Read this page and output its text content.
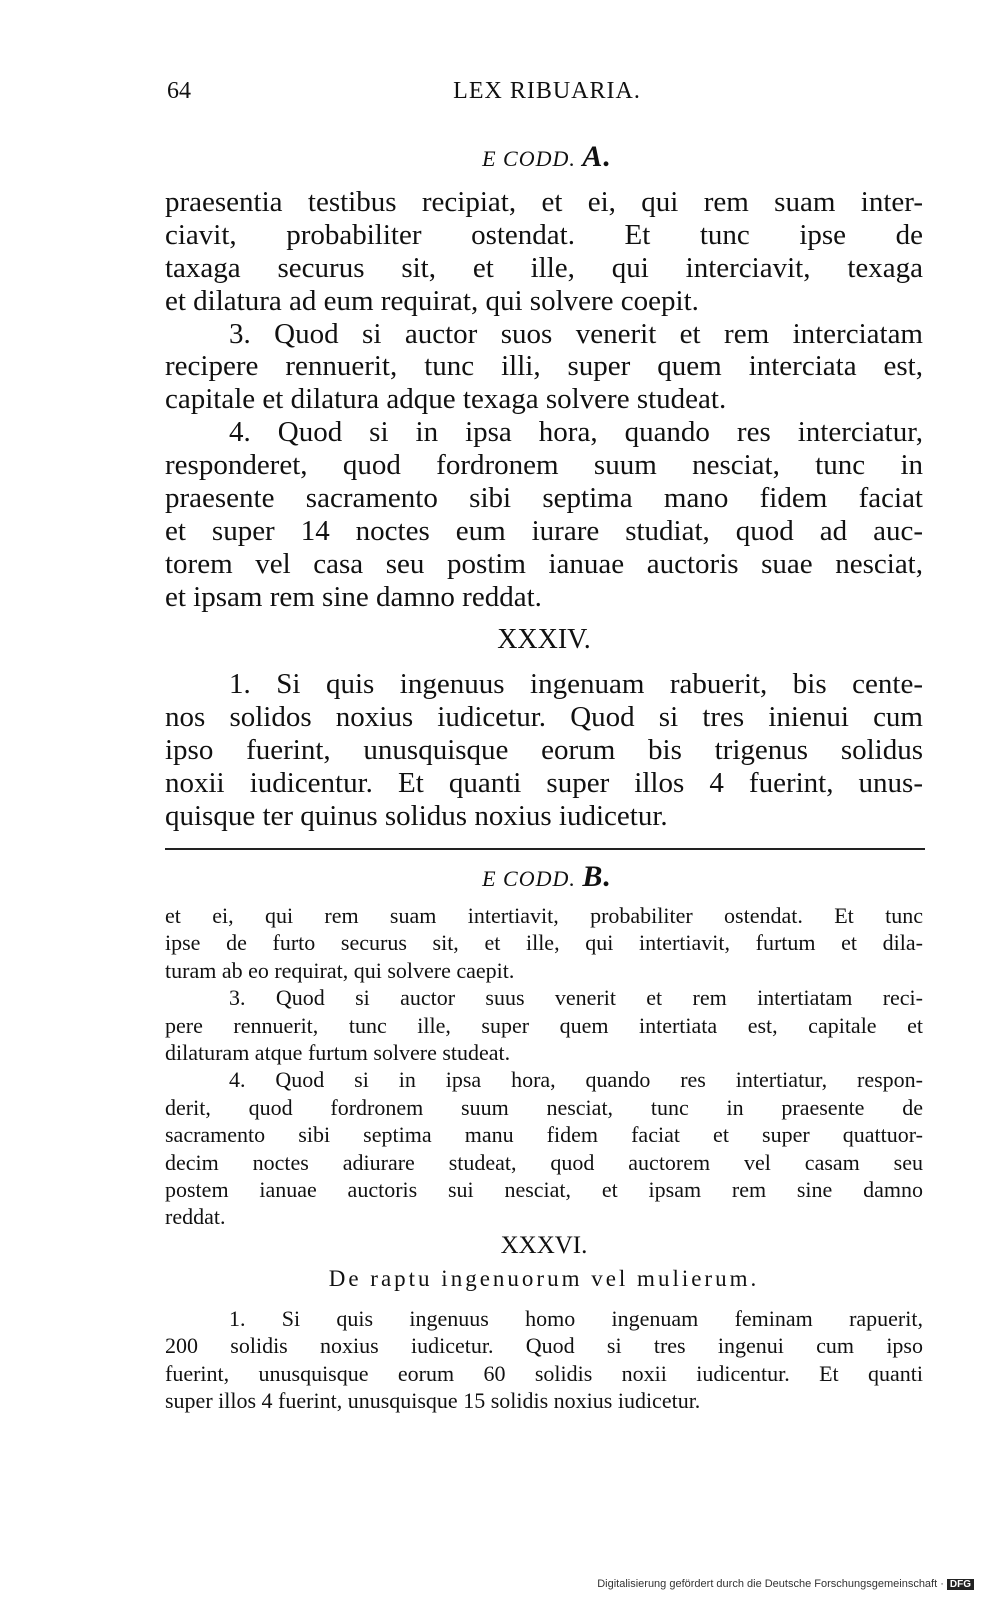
64	LEX RIBUARIA.
E CODD. A.
praesentia testibus recipiat, et ei, qui rem suam inter-
ciavit, probabiliter ostendat. Et tunc ipse de
taxaga securus sit, et ille, qui interciavit, texaga
et dilatura ad eum requirat, qui solvere coepit.
3. Quod si auctor suos venerit et rem interciatam
recipere rennuerit, tunc illi, super quem interciata est,
capitale et dilatura adque texaga solvere studeat.
4. Quod si in ipsa hora, quando res interciatur,
responderet, quod fordronem suum nesciat, tunc in
praesente sacramento sibi septima mano fidem faciat
et super 14 noctes eum iurare studiat, quod ad auc-
torem vel casa seu postim ianuae auctoris suae nesciat,
et ipsam rem sine damno reddat.
XXXIV.
1. Si quis ingenuus ingenuam rabuerit, bis cente-
nos solidos noxius iudicetur. Quod si tres inienui cum
ipso fuerint, unusquisque eorum bis trigenus solidus
noxii iudicentur. Et quanti super illos 4 fuerint, unus-
quisque ter quinus solidus noxius iudicetur.
E CODD. B.
et ei, qui rem suam intertiavit, probabiliter ostendat. Et tunc
ipse de furto securus sit, et ille, qui intertiavit, furtum et dila-
turam ab eo requirat, qui solvere caepit.
3. Quod si auctor suus venerit et rem intertiatam reci-
pere rennuerit, tunc ille, super quem intertiata est, capitale et
dilaturam atque furtum solvere studeat.
4. Quod si in ipsa hora, quando res intertiatur, respon-
derit, quod fordronem suum nesciat, tunc in praesente de
sacramento sibi septima manu fidem faciat et super quattuor-
decim noctes adiurare studeat, quod auctorem vel casam seu
postem ianuae auctoris sui nesciat, et ipsam rem sine damno
reddat.
XXXVI.
De raptu ingenuorum vel mulierum.
1. Si quis ingenuus homo ingenuam feminam rapuerit,
200 solidis noxius iudicetur. Quod si tres ingenui cum ipso
fuerint, unusquisque eorum 60 solidis noxii iudicentur. Et quanti
super illos 4 fuerint, unusquisque 15 solidis noxius iudicetur.
Digitalisierung gefördert durch die Deutsche Forschungsgemeinschaft · DFG
